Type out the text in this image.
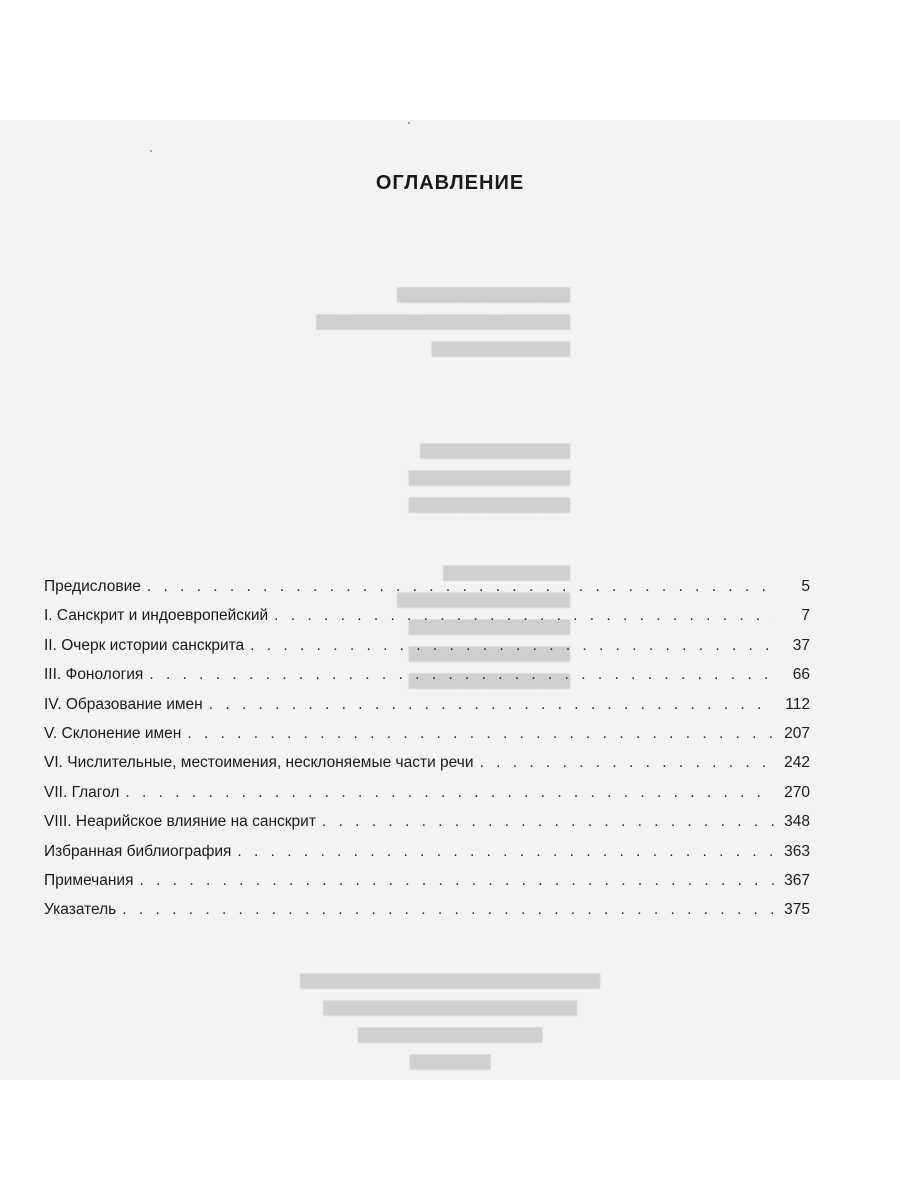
ОГЛАВЛЕНИЕ
▇▇▇▇▇▇▇▇▇▇▇▇▇▇▇
▇▇▇▇▇▇▇▇▇▇▇▇▇▇▇▇▇▇▇▇▇▇
▇▇▇▇▇▇▇▇▇▇▇▇
▇▇▇▇▇▇▇▇▇▇▇▇▇
▇▇▇▇▇▇▇▇▇▇▇▇▇▇
▇▇▇▇▇▇▇▇▇▇▇▇▇▇
▇▇▇▇▇▇▇▇▇▇▇
▇▇▇▇▇▇▇▇▇▇▇▇▇▇▇
▇▇▇▇▇▇▇▇▇▇▇▇▇▇
▇▇▇▇▇▇▇▇▇▇▇▇▇▇
▇▇▇▇▇▇▇▇▇▇▇▇▇▇
▇▇▇▇▇▇▇▇▇▇▇▇▇▇▇▇▇▇▇▇▇▇▇▇▇▇
▇▇▇▇▇▇▇▇▇▇▇▇▇▇▇▇▇▇▇▇▇▇
▇▇▇▇▇▇▇▇▇▇▇▇▇▇▇▇
▇▇▇▇▇▇▇
Предисловие . . .	5
I. Санскрит и индоевропейский . . .	7
II. Очерк истории санскрита . . .	37
III. Фонология . . .	66
IV. Образование имен . . .	112
V. Склонение имен . . .	207
VI. Числительные, местоимения, несклоняемые части речи . . .	242
VII. Глагол . . .	270
VIII. Неарийское влияние на санскрит . . .	348
Избранная библиография . . .	363
Примечания . . .	367
Указатель . . .	375
